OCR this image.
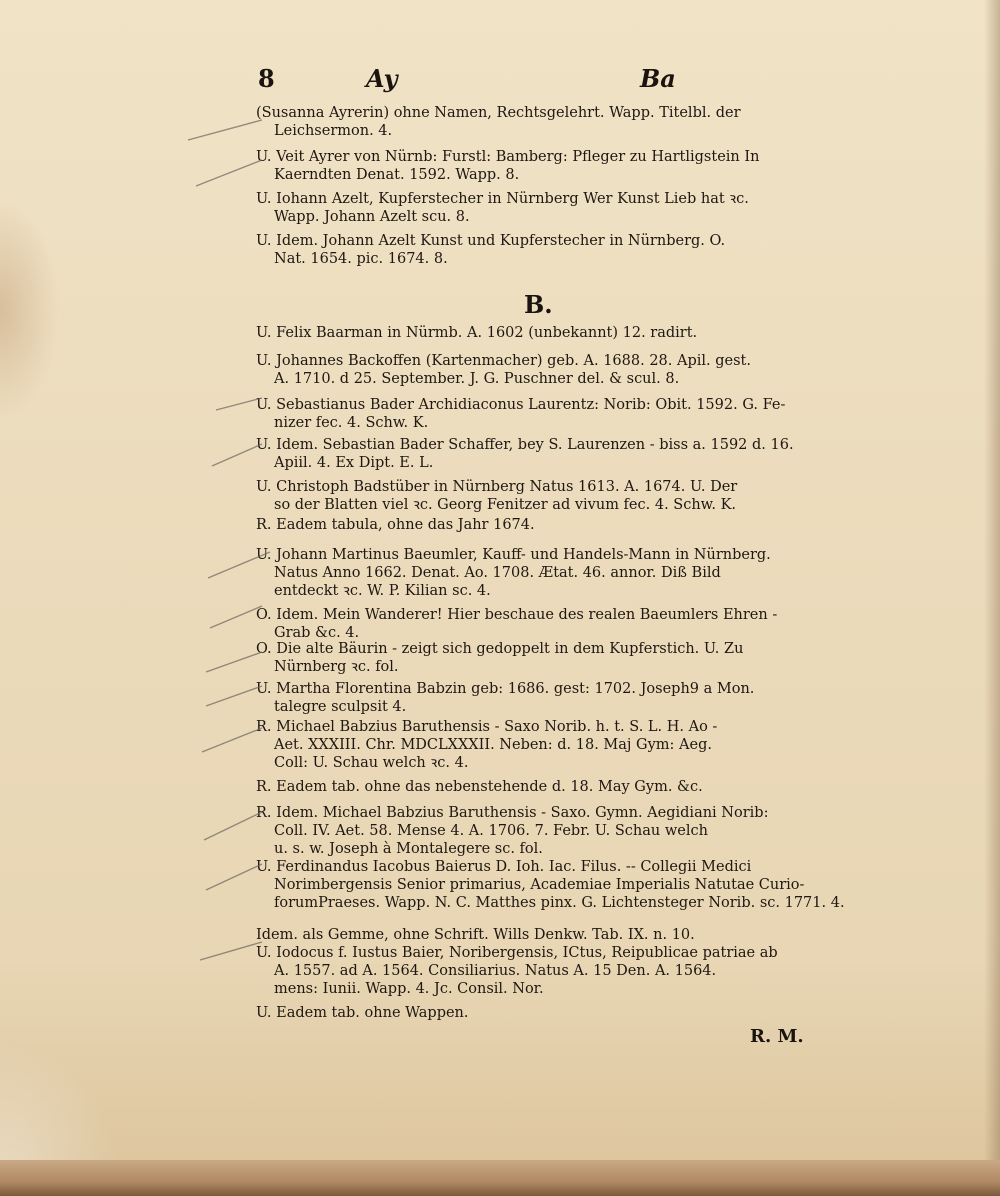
8	Ay	Ba
B.
(Susanna Ayrerin) ohne Namen, Rechtsgelehrt. Wapp. Titelbl. der
Leichsermon. 4.
U. Veit Ayrer von Nürnb: Furstl: Bamberg: Pfleger zu Hartligstein In
Kaerndten Denat. 1592. Wapp. 8.
U. Iohann Azelt, Kupferstecher in Nürnberg Wer Kunst Lieb hat ꝛc.
Wapp. Johann Azelt scu. 8.
U. Idem. Johann Azelt Kunst und Kupferstecher in Nürnberg. O.
Nat. 1654. pic. 1674. 8.
U. Felix Baarman in Nürmb. A. 1602 (unbekannt) 12. radirt.
U. Johannes Backoffen (Kartenmacher) geb. A. 1688. 28. Apil. gest.
A. 1710. d 25. September. J. G. Puschner del. & scul. 8.
U. Sebastianus Bader Archidiaconus Laurentz: Norib: Obit. 1592. G. Fe-
nizer fec. 4. Schw. K.
U. Idem. Sebastian Bader Schaffer, bey S. Laurenzen - biss a. 1592 d. 16.
Apiil. 4. Ex Dipt. E. L.
U. Christoph Badstüber in Nürnberg Natus 1613. A. 1674. U. Der
so der Blatten viel ꝛc. Georg Fenitzer ad vivum fec. 4. Schw. K.
R. Eadem tabula, ohne das Jahr 1674.
U. Johann Martinus Baeumler, Kauff- und Handels-Mann in Nürnberg.
Natus Anno 1662. Denat. Ao. 1708. Ætat. 46. annor. Diß Bild
entdeckt ꝛc. W. P. Kilian sc. 4.
O. Idem. Mein Wanderer! Hier beschaue des realen Baeumlers Ehren -
Grab &c. 4.
O. Die alte Bäurin - zeigt sich gedoppelt in dem Kupferstich. U. Zu
Nürnberg ꝛc. fol.
U. Martha Florentina Babzin geb: 1686. gest: 1702. Joseph9 a Mon.
talegre sculpsit 4.
R. Michael Babzius Baruthensis - Saxo Norib. h. t. S. L. H. Ao -
Aet. XXXIII. Chr. MDCLXXXII. Neben: d. 18. Maj Gym: Aeg.
Coll: U. Schau welch ꝛc. 4.
R. Eadem tab. ohne das nebenstehende d. 18. May Gym. &c.
R. Idem. Michael Babzius Baruthensis - Saxo. Gymn. Aegidiani Norib:
Coll. IV. Aet. 58. Mense 4. A. 1706. 7. Febr. U. Schau welch
u. s. w. Joseph à Montalegere sc. fol.
U. Ferdinandus Iacobus Baierus D. Ioh. Iac. Filus. -- Collegii Medici
Norimbergensis Senior primarius, Academiae Imperialis Natutae Curio-
forumPraeses. Wapp. N. C. Matthes pinx. G. Lichtensteger Norib. sc. 1771. 4.
Idem. als Gemme, ohne Schrift. Wills Denkw. Tab. IX. n. 10.
U. Iodocus f. Iustus Baier, Noribergensis, ICtus, Reipublicae patriae ab
A. 1557. ad A. 1564. Consiliarius. Natus A. 15 Den. A. 1564.
mens: Iunii. Wapp. 4. Jc. Consil. Nor.
U. Eadem tab. ohne Wappen.
R. M.
